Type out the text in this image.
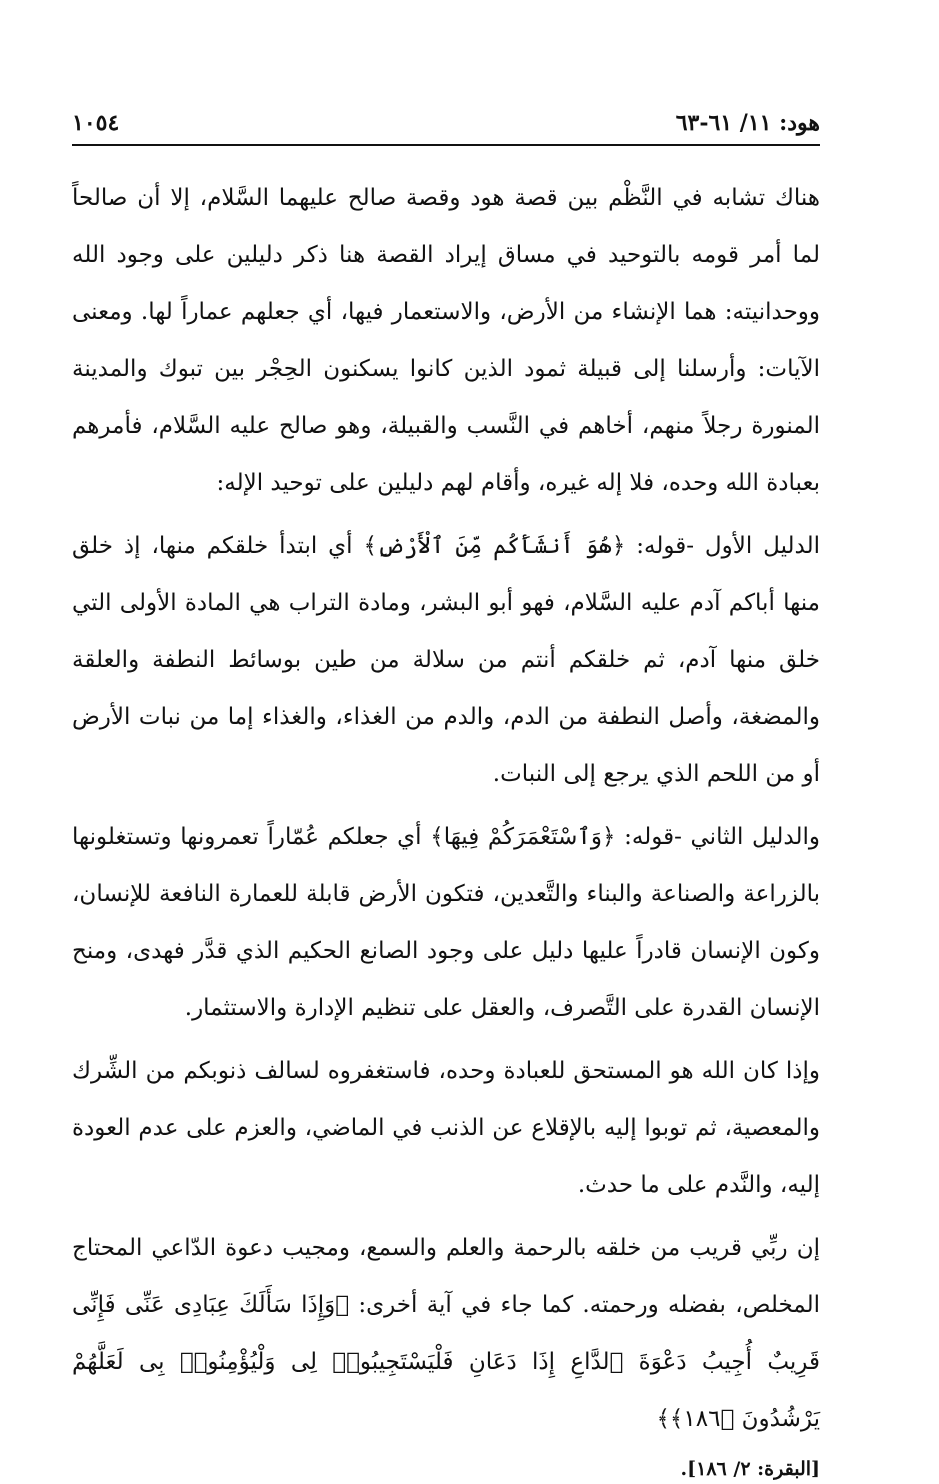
هود: ١١/ ٦١-٦٣
١٠٥٤

هناك تشابه في النَّظْم بين قصة هود وقصة صالح عليهما السَّلام، إلا أن صالحاً لما أمر قومه بالتوحيد في مساق إيراد القصة هنا ذكر دليلين على وجود الله ووحدانيته: هما الإنشاء من الأرض، والاستعمار فيها، أي جعلهم عماراً لها. ومعنى الآيات: وأرسلنا إلى قبيلة ثمود الذين كانوا يسكنون الحِجْر بين تبوك والمدينة المنورة رجلاً منهم، أخاهم في النَّسب والقبيلة، وهو صالح عليه السَّلام، فأمرهم بعبادة الله وحده، فلا إله غيره، وأقام لهم دليلين على توحيد الإله:

الدليل الأول -قوله: ﴿هُوَ أَنشَأَكُم مِّنَ ٱلْأَرْضِ﴾ أي ابتدأ خلقكم منها، إذ خلق منها أباكم آدم عليه السَّلام، فهو أبو البشر، ومادة التراب هي المادة الأولى التي خلق منها آدم، ثم خلقكم أنتم من سلالة من طين بوسائط النطفة والعلقة والمضغة، وأصل النطفة من الدم، والدم من الغذاء، والغذاء إما من نبات الأرض أو من اللحم الذي يرجع إلى النبات.

والدليل الثاني -قوله: ﴿وَٱسْتَعْمَرَكُمْ فِيهَا﴾ أي جعلكم عُمّاراً تعمرونها وتستغلونها بالزراعة والصناعة والبناء والتَّعدين، فتكون الأرض قابلة للعمارة النافعة للإنسان، وكون الإنسان قادراً عليها دليل على وجود الصانع الحكيم الذي قدَّر فهدى، ومنح الإنسان القدرة على التَّصرف، والعقل على تنظيم الإدارة والاستثمار.

وإذا كان الله هو المستحق للعبادة وحده، فاستغفروه لسالف ذنوبكم من الشِّرك والمعصية، ثم توبوا إليه بالإقلاع عن الذنب في الماضي، والعزم على عدم العودة إليه، والنَّدم على ما حدث.

إن ربِّي قريب من خلقه بالرحمة والعلم والسمع، ومجيب دعوة الدّاعي المحتاج المخلص، بفضله ورحمته. كما جاء في آية أخرى: ﴿وَإِذَا سَأَلَكَ عِبَادِى عَنِّى فَإِنِّى قَرِيبٌ أُجِيبُ دَعْوَةَ ٱلدَّاعِ إِذَا دَعَانِ فَلْيَسْتَجِيبُوا۟ لِى وَلْيُؤْمِنُوا۟ بِى لَعَلَّهُمْ يَرْشُدُونَ ﴿١٨٦﴾﴾

[البقرة: ٢/ ١٨٦].
